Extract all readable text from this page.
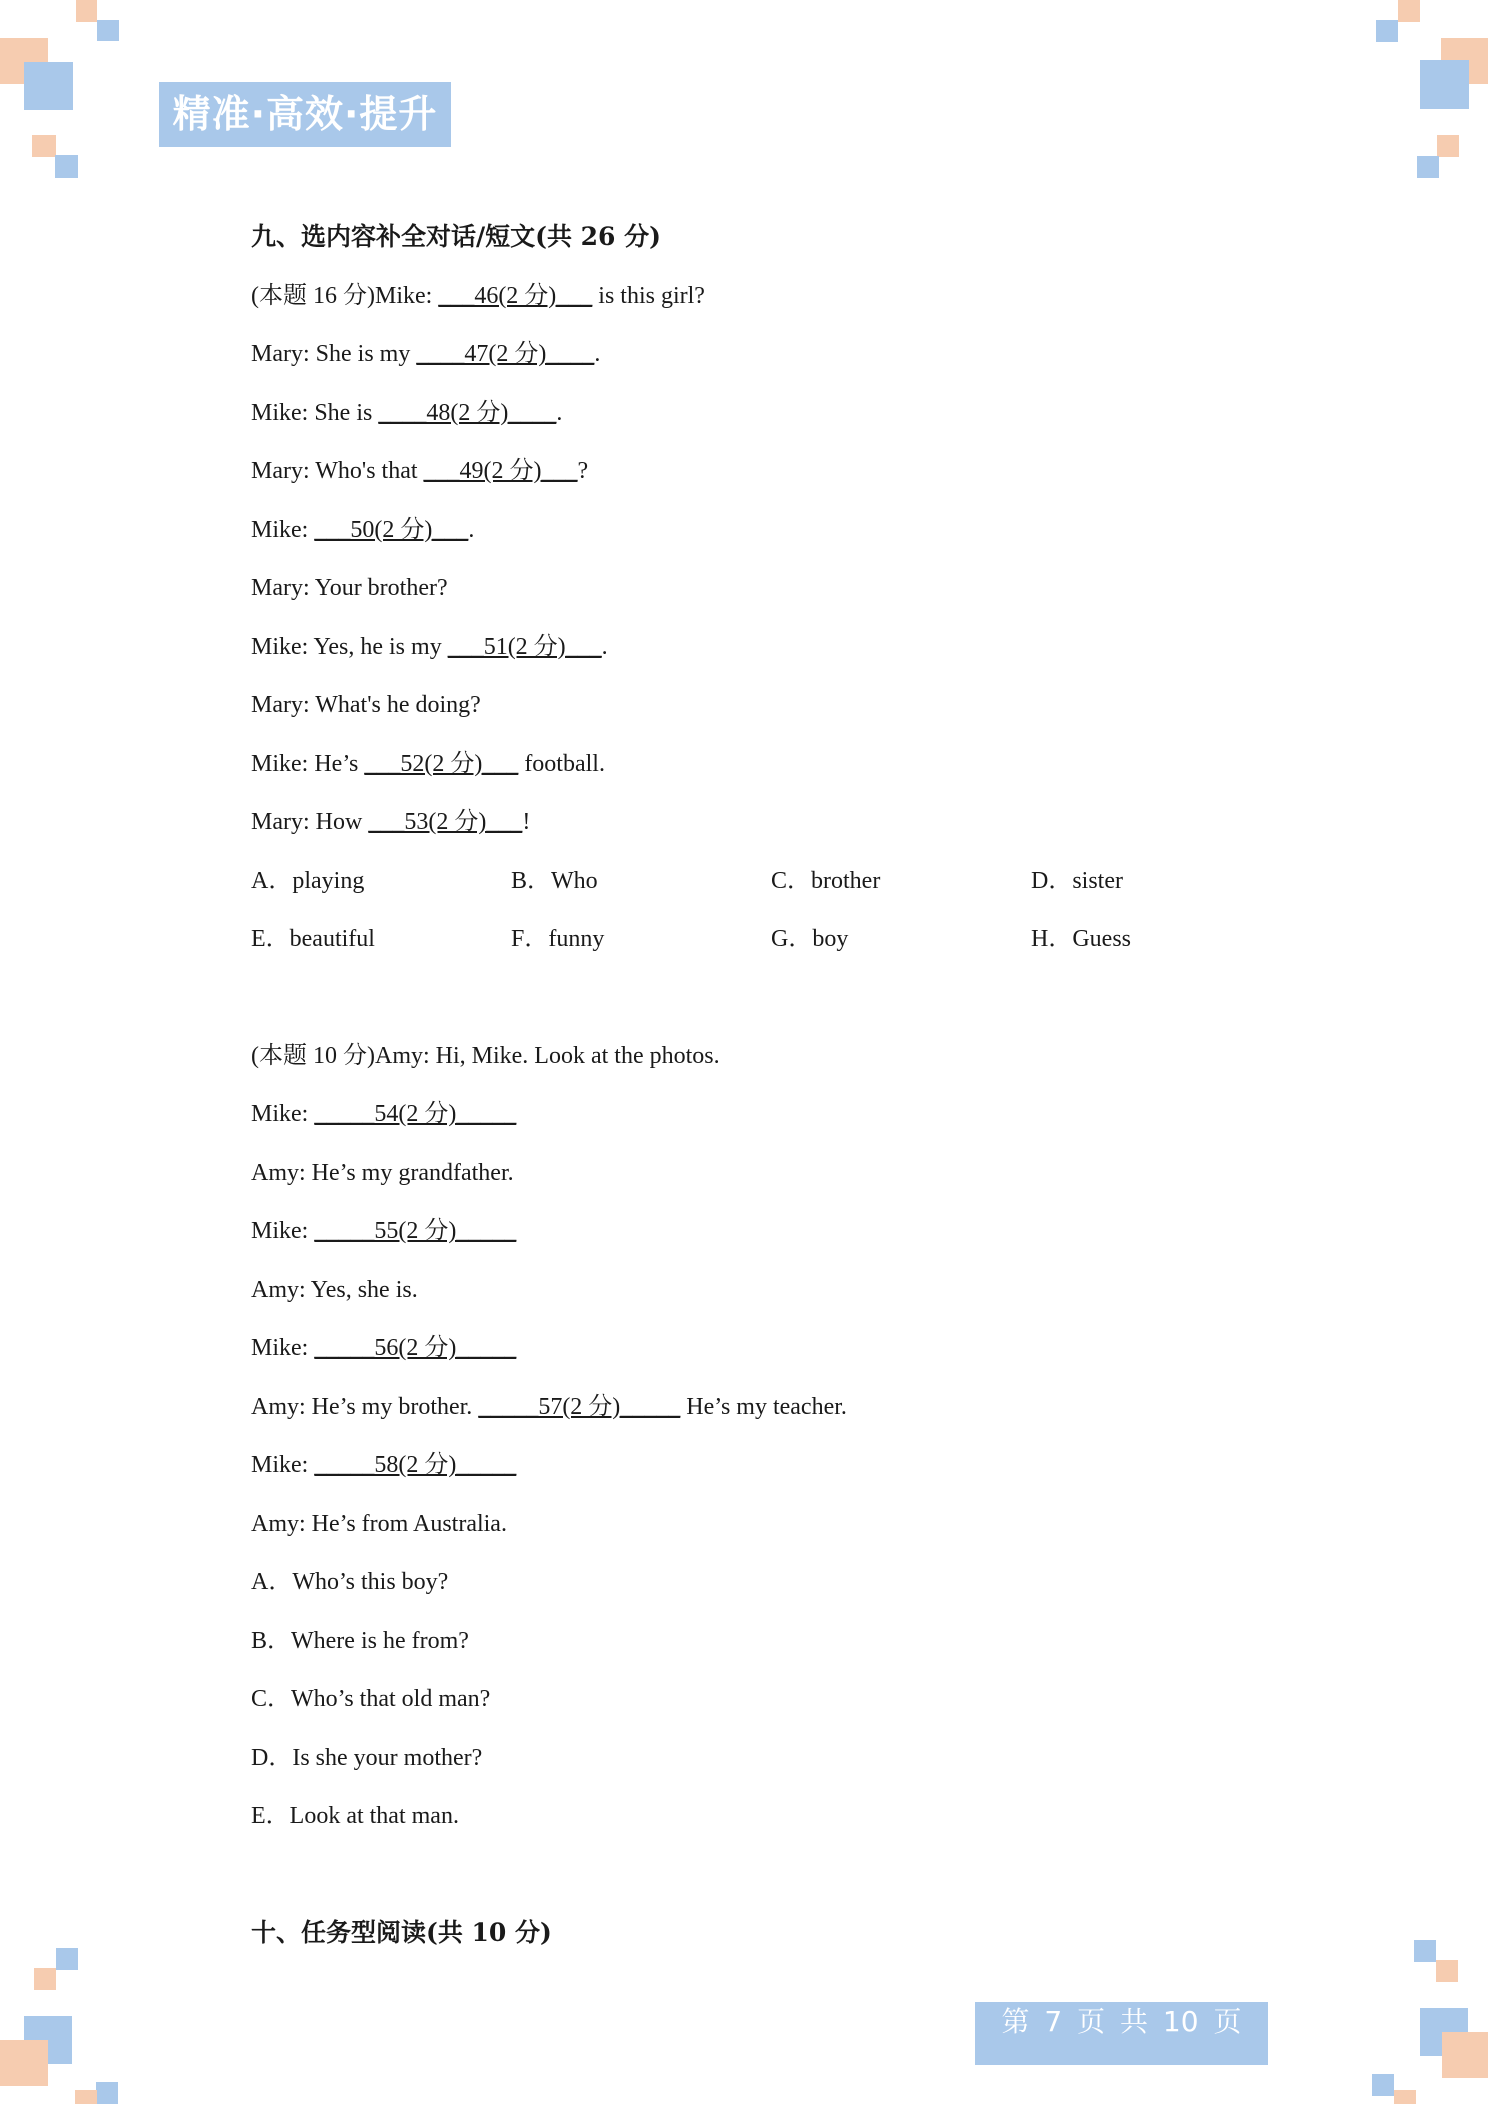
精准·高效·提升
九、选内容补全对话/短文(共 26 分)
(本题 16 分)Mike: ___46(2 分)___ is this girl?
Mary: She is my ____47(2 分)____.
Mike: She is ____48(2 分)____.
Mary: Who's that ___49(2 分)___?
Mike: ___50(2 分)___.
Mary: Your brother?
Mike: Yes, he is my ___51(2 分)___.
Mary: What's he doing?
Mike: He’s ___52(2 分)___ football.
Mary: How ___53(2 分)___!
A．playing	B．Who	C．brother	D．sister
E．beautiful	F．funny	G．boy	H．Guess
(本题 10 分)Amy: Hi, Mike. Look at the photos.
Mike: _____54(2 分)_____
Amy: He’s my grandfather.
Mike: _____55(2 分)_____
Amy: Yes, she is.
Mike: _____56(2 分)_____
Amy: He’s my brother. _____57(2 分)_____ He’s my teacher.
Mike: _____58(2 分)_____
Amy: He’s from Australia.
A．Who’s this boy?
B．Where is he from?
C．Who’s that old man?
D．Is she your mother?
E．Look at that man.
十、任务型阅读(共 10 分)
第 7 页 共 10 页
